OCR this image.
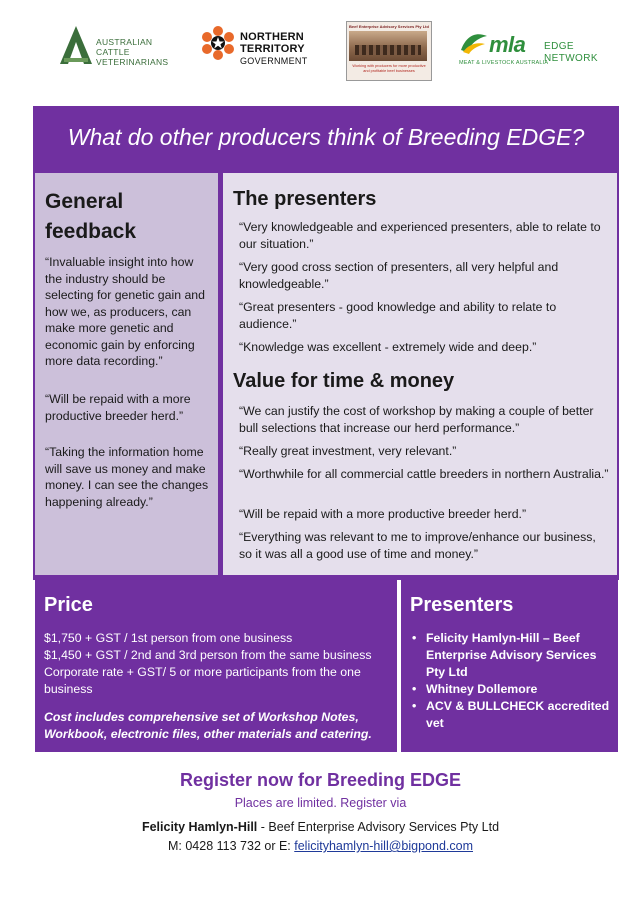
AUSTRALIAN CATTLE VETERINARIANS
NORTHERN
TERRITORY
GOVERNMENT
Beef Enterprise Advisory Services Pty Ltd
Working with producers for more productive and profitable beef businesses
mla
MEAT & LIVESTOCK AUSTRALIA
EDGE
NETWORK
What do other producers think of Breeding EDGE?
General
feedback
“Invaluable insight into how the industry should be selecting for genetic gain and how we, as producers, can make more genetic and economic gain by enforcing more data recording.”
“Will be repaid with a more productive breeder herd.”
“Taking the information home will save us money and make money. I can see the changes happening already.”
The presenters
“Very knowledgeable and experienced presenters, able to relate to our situation.”
“Very good cross section of presenters, all very helpful and knowledgeable.”
“Great presenters - good knowledge and ability to relate to audience.”
“Knowledge was excellent - extremely wide and deep.”
Value for time & money
“We can justify the cost of workshop by making a couple of better bull selections that increase our herd performance.”
“Really great investment, very relevant.”
“Worthwhile for all commercial cattle breeders in northern Australia.”
“Will be repaid with a more productive breeder herd.”
“Everything was relevant to me to improve/enhance our business, so it was all a good use of time and money.”
Price
$1,750 + GST / 1st person from one business
$1,450 + GST / 2nd and 3rd person from the same business
Corporate rate + GST/ 5 or more participants from the one business
Cost includes comprehensive set of Workshop Notes, Workbook, electronic files, other materials and catering.
Presenters
• Felicity Hamlyn-Hill – Beef Enterprise Advisory Services Pty Ltd
• Whitney Dollemore
• ACV & BULLCHECK accredited vet
Register now for Breeding EDGE
Places are limited. Register via
Felicity Hamlyn-Hill - Beef Enterprise Advisory Services Pty Ltd
M: 0428 113 732 or E: felicityhamlyn-hill@bigpond.com
